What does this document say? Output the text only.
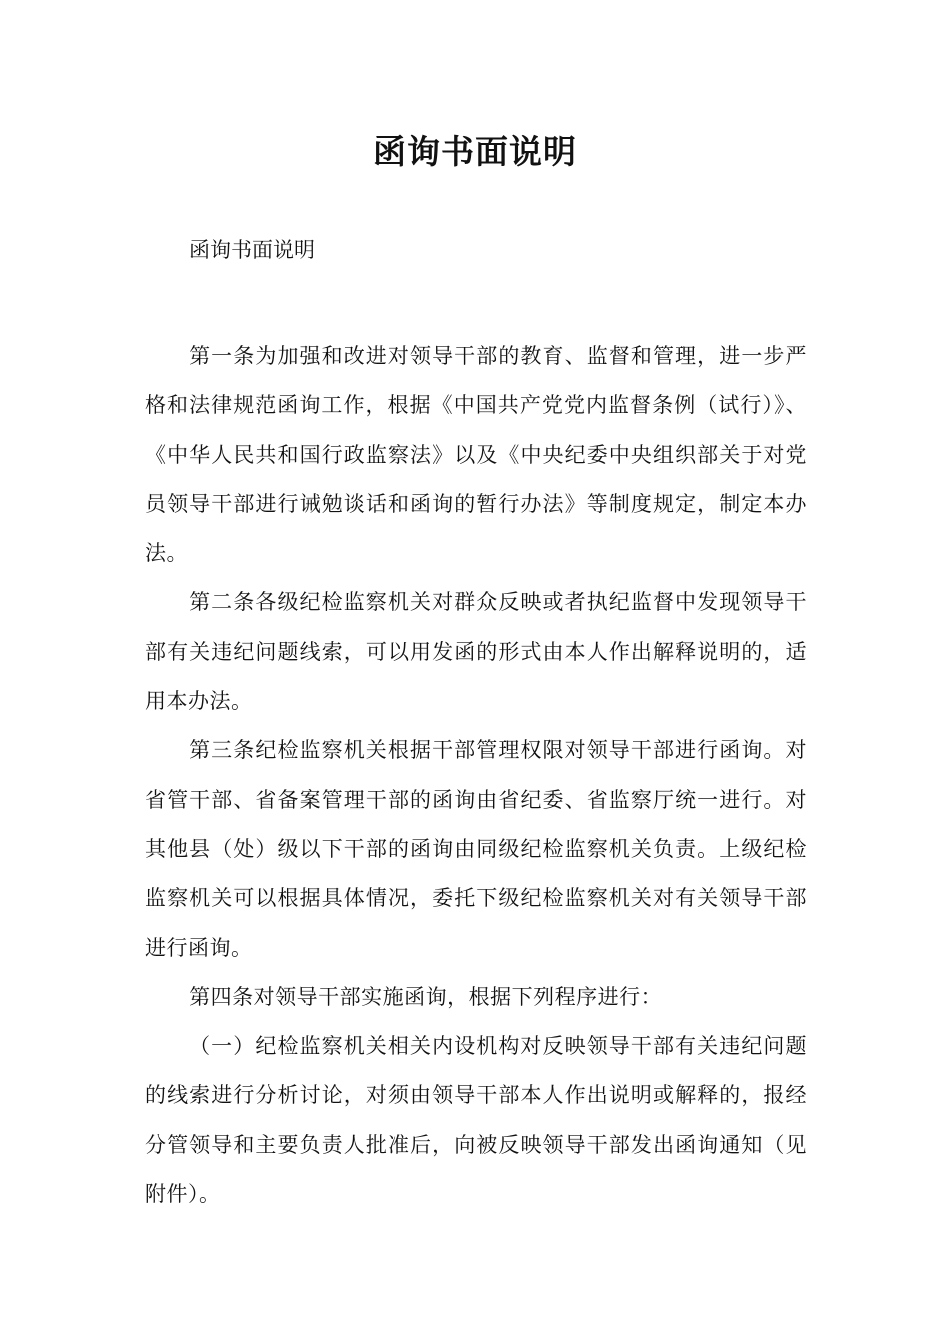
函询书面说明
函询书面说明

第一条为加强和改进对领导干部的教育、监督和管理，进一步严格和法律规范函询工作，根据《中国共产党党内监督条例（试行）》、《中华人民共和国行政监察法》以及《中央纪委中央组织部关于对党员领导干部进行诫勉谈话和函询的暂行办法》等制度规定，制定本办法。

第二条各级纪检监察机关对群众反映或者执纪监督中发现领导干部有关违纪问题线索，可以用发函的形式由本人作出解释说明的，适用本办法。

第三条纪检监察机关根据干部管理权限对领导干部进行函询。对省管干部、省备案管理干部的函询由省纪委、省监察厅统一进行。对其他县（处）级以下干部的函询由同级纪检监察机关负责。上级纪检监察机关可以根据具体情况，委托下级纪检监察机关对有关领导干部进行函询。

第四条对领导干部实施函询，根据下列程序进行：

（一）纪检监察机关相关内设机构对反映领导干部有关违纪问题的线索进行分析讨论，对须由领导干部本人作出说明或解释的，报经分管领导和主要负责人批准后，向被反映领导干部发出函询通知（见附件）。
